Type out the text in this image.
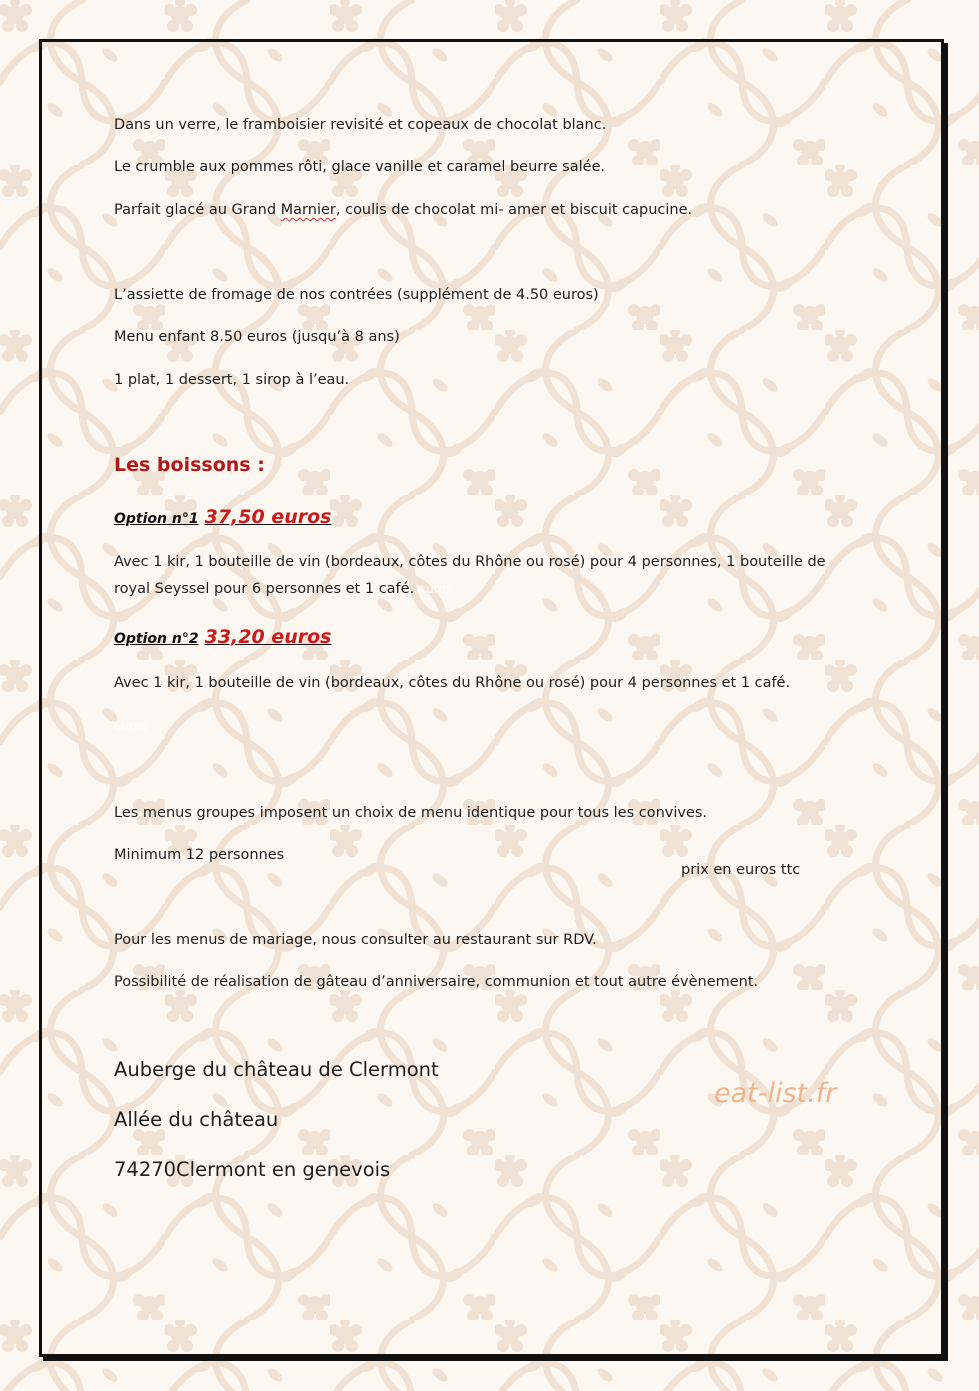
Dans un verre, le framboisier revisité et copeaux de chocolat blanc.

Le crumble aux pommes rôti, glace vanille et caramel beurre salée.

Parfait glacé au Grand Marnier, coulis de chocolat mi- amer et biscuit capucine.

L’assiette de fromage de nos contrées (supplément de 4.50 euros)

Menu enfant 8.50 euros (jusqu’à 8 ans)

1 plat, 1 dessert, 1 sirop à l’eau.

Les boissons :

Option n°1 37,50 euros

Avec 1 kir, 1 bouteille de vin (bordeaux, côtes du Rhône ou rosé) pour 4 personnes, 1 bouteille de royal Seyssel pour 6 personnes et 1 café. euros

Option n°2 33,20 euros

Avec 1 kir, 1 bouteille de vin (bordeaux, côtes du Rhône ou rosé) pour 4 personnes et 1 café.

euros

Les menus groupes imposent un choix de menu identique pour tous les convives.

Minimum 12 personnes

prix en euros ttc

Pour les menus de mariage, nous consulter au restaurant sur RDV.

Possibilité de réalisation de gâteau d’anniversaire, communion et tout autre évènement.

Auberge du château de Clermont

Allée du château

74270Clermont en genevois

eat-list.fr
